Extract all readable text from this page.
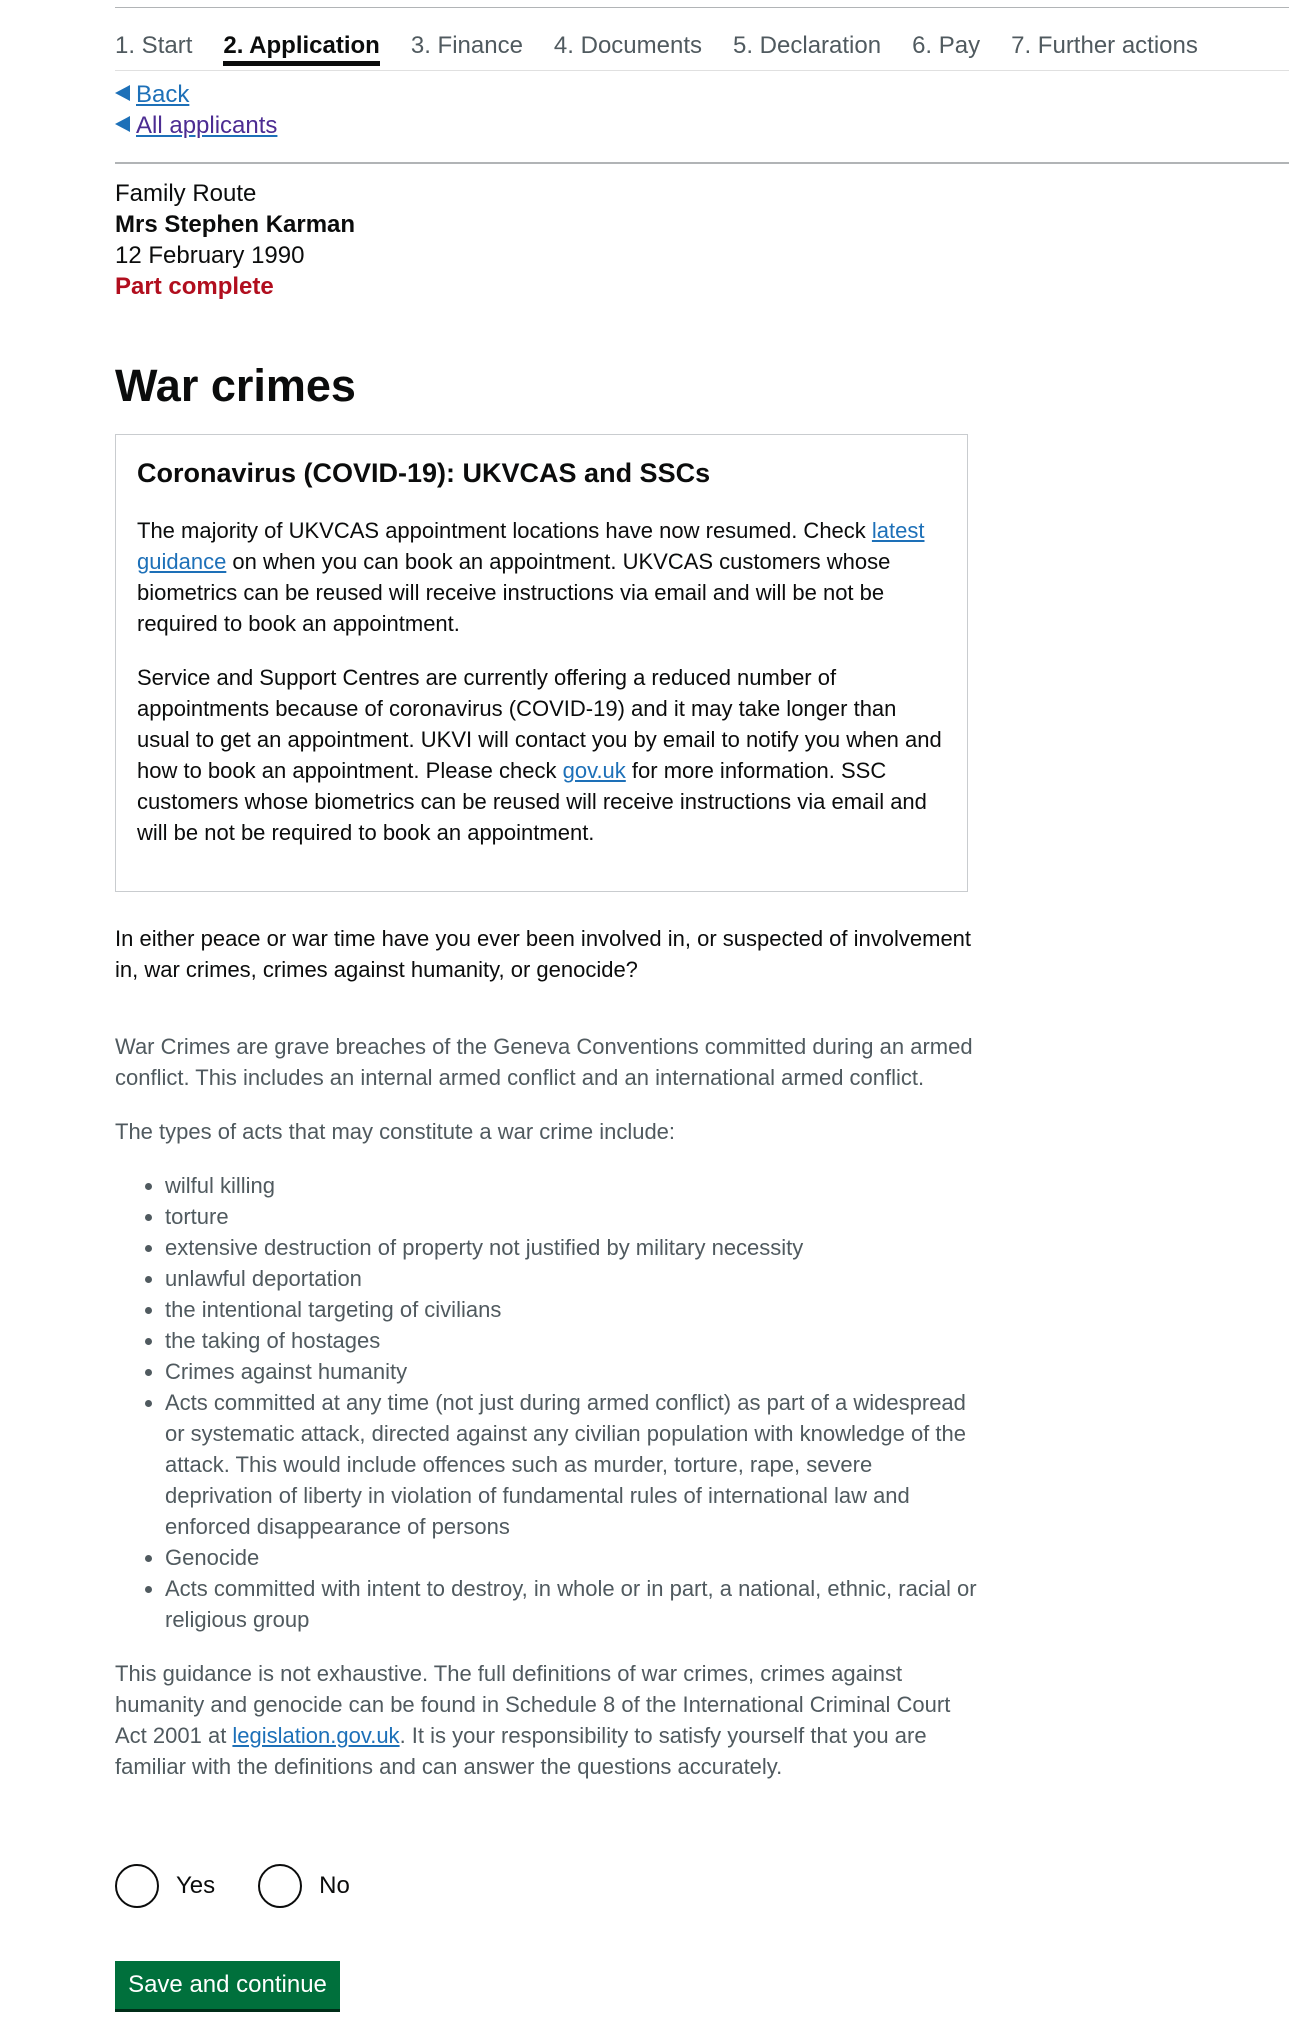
1. Start	2. Application	3. Finance	4. Documents	5. Declaration	6. Pay	7. Further actions
Back
All applicants
Family Route
Mrs Stephen Karman
12 February 1990
Part complete
War crimes
Coronavirus (COVID-19): UKVCAS and SSCs

The majority of UKVCAS appointment locations have now resumed. Check latest guidance on when you can book an appointment. UKVCAS customers whose biometrics can be reused will receive instructions via email and will be not be required to book an appointment.

Service and Support Centres are currently offering a reduced number of appointments because of coronavirus (COVID-19) and it may take longer than usual to get an appointment. UKVI will contact you by email to notify you when and how to book an appointment. Please check gov.uk for more information. SSC customers whose biometrics can be reused will receive instructions via email and will be not be required to book an appointment.

In either peace or war time have you ever been involved in, or suspected of involvement in, war crimes, crimes against humanity, or genocide?

War Crimes are grave breaches of the Geneva Conventions committed during an armed conflict. This includes an internal armed conflict and an international armed conflict.

The types of acts that may constitute a war crime include:

• wilful killing
• torture
• extensive destruction of property not justified by military necessity
• unlawful deportation
• the intentional targeting of civilians
• the taking of hostages
• Crimes against humanity
• Acts committed at any time (not just during armed conflict) as part of a widespread or systematic attack, directed against any civilian population with knowledge of the attack. This would include offences such as murder, torture, rape, severe deprivation of liberty in violation of fundamental rules of international law and enforced disappearance of persons
• Genocide
• Acts committed with intent to destroy, in whole or in part, a national, ethnic, racial or religious group

This guidance is not exhaustive. The full definitions of war crimes, crimes against humanity and genocide can be found in Schedule 8 of the International Criminal Court Act 2001 at legislation.gov.uk. It is your responsibility to satisfy yourself that you are familiar with the definitions and can answer the questions accurately.

Yes	No
Save and continue
